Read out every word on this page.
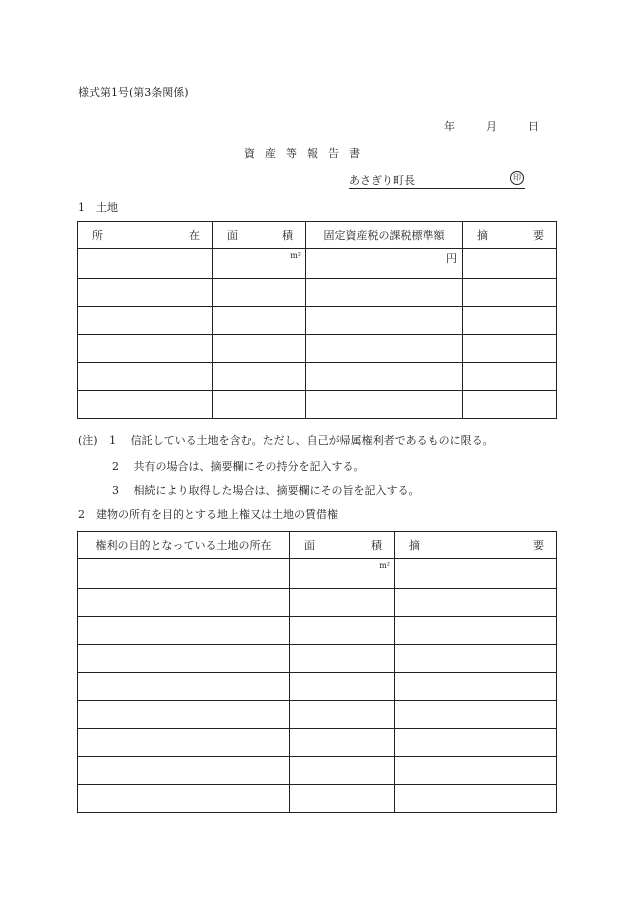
様式第1号(第3条関係)
年	月	日
資 産 等 報 告 書
あさぎり町長	印
1　土地
所 在	面 積	固定資産税の課税標準額	摘 要

	m²	円	

(注) 1 信託している土地を含む。ただし、自己が帰属権利者であるものに限る。
2 共有の場合は、摘要欄にその持分を記入する。
3 相続により取得した場合は、摘要欄にその旨を記入する。
2　建物の所有を目的とする地上権又は土地の賃借権
権利の目的となっている土地の所在	面 積	摘 要

	m²	
